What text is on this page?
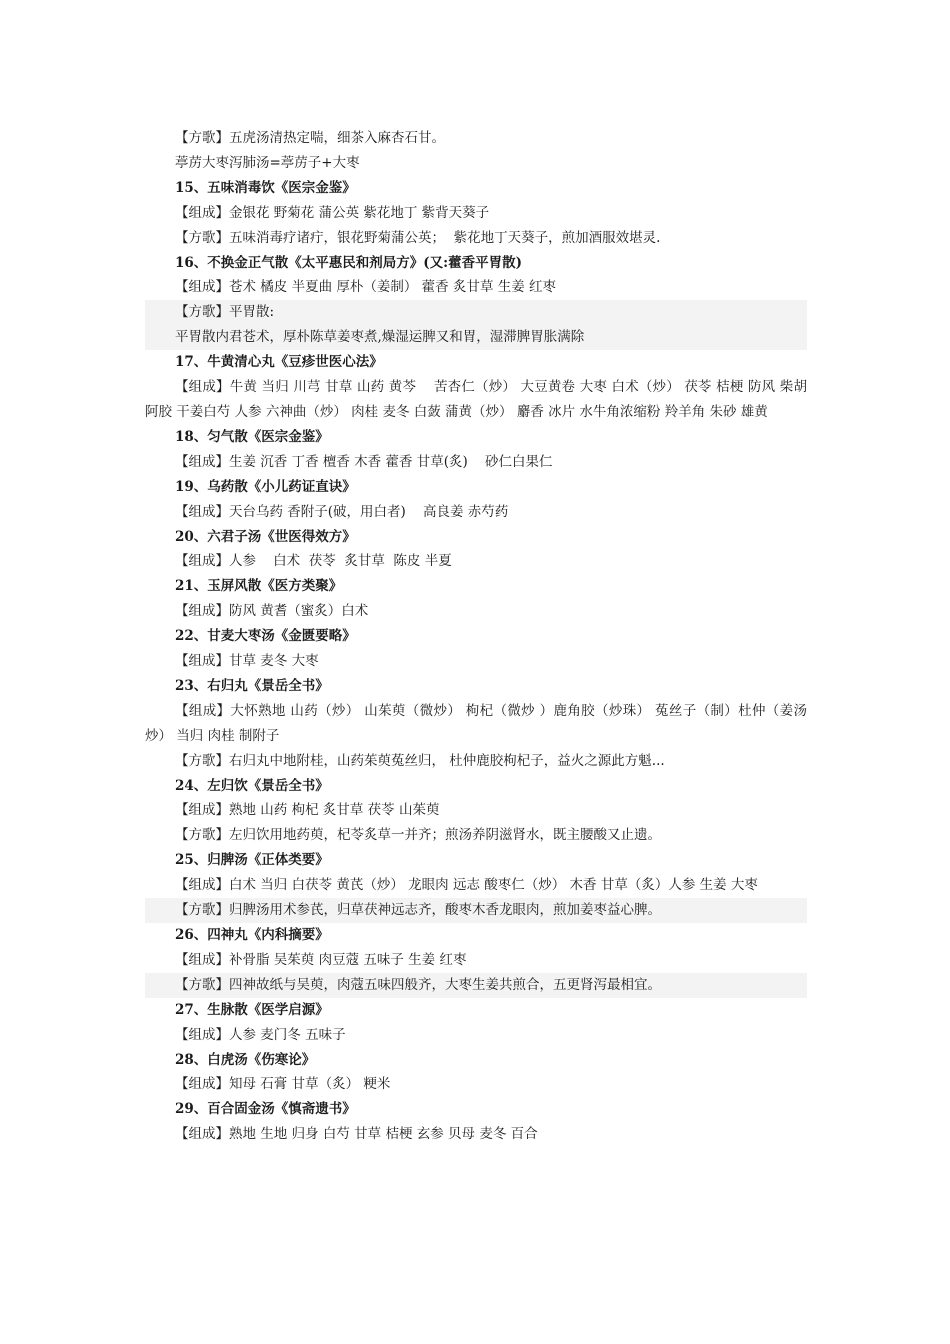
【方歌】五虎汤清热定喘，细茶入麻杏石甘。
葶苈大枣泻肺汤=葶苈子+大枣
15、五味消毒饮《医宗金鉴》
【组成】金银花 野菊花 蒲公英 紫花地丁 紫背天葵子
【方歌】五味消毒疗诸疔，银花野菊蒲公英；  紫花地丁天葵子，煎加酒服效堪灵.
16、不换金正气散《太平惠民和剂局方》(又:藿香平胃散)
【组成】苍术 橘皮 半夏曲 厚朴（姜制） 藿香 炙甘草 生姜 红枣
【方歌】平胃散:
平胃散内君苍术，厚朴陈草姜枣煮,燥湿运脾又和胃，湿滞脾胃胀满除
17、牛黄清心丸《豆疹世医心法》
【组成】牛黄 当归 川芎 甘草 山药 黄芩    苦杏仁（炒） 大豆黄卷 大枣 白术（炒） 茯苓 桔梗 防风 柴胡 阿胶 干姜白芍 人参 六神曲（炒） 肉桂 麦冬 白蔹 蒲黄（炒） 麝香 冰片 水牛角浓缩粉 羚羊角 朱砂 雄黄
18、匀气散《医宗金鉴》
【组成】生姜 沉香 丁香 檀香 木香 藿香 甘草(炙)    砂仁白果仁
19、乌药散《小儿药证直诀》
【组成】天台乌药 香附子(破，用白者)    高良姜 赤芍药
20、六君子汤《世医得效方》
【组成】人参    白术  茯苓  炙甘草  陈皮 半夏
21、玉屏风散《医方类聚》
【组成】防风 黄耆（蜜炙）白术
22、甘麦大枣汤《金匮要略》
【组成】甘草 麦冬 大枣
23、右归丸《景岳全书》
【组成】大怀熟地 山药（炒） 山茱萸（微炒） 枸杞（微炒 ）鹿角胶（炒珠） 菟丝子（制）杜仲（姜汤炒） 当归 肉桂 制附子
【方歌】右归丸中地附桂，山药茱萸菟丝归， 杜仲鹿胶枸杞子，益火之源此方魁...
24、左归饮《景岳全书》
【组成】熟地 山药 枸杞 炙甘草 茯苓 山茱萸
【方歌】左归饮用地药萸，杞苓炙草一并齐；煎汤养阴滋肾水，既主腰酸又止遗。
25、归脾汤《正体类要》
【组成】白术 当归 白茯苓 黄芪（炒） 龙眼肉 远志 酸枣仁（炒） 木香 甘草（炙）人参 生姜 大枣
【方歌】归脾汤用术参芪，归草茯神远志齐，酸枣木香龙眼肉，煎加姜枣益心脾。
26、四神丸《内科摘要》
【组成】补骨脂 吴茱萸 肉豆蔻 五味子 生姜 红枣
【方歌】四神故纸与吴萸，肉蔻五味四般齐，大枣生姜共煎合，五更肾泻最相宜。
27、生脉散《医学启源》
【组成】人参 麦门冬 五味子
28、白虎汤《伤寒论》
【组成】知母 石膏 甘草（炙） 粳米
29、百合固金汤《慎斋遗书》
【组成】熟地 生地 归身 白芍 甘草 桔梗 玄参 贝母 麦冬 百合
